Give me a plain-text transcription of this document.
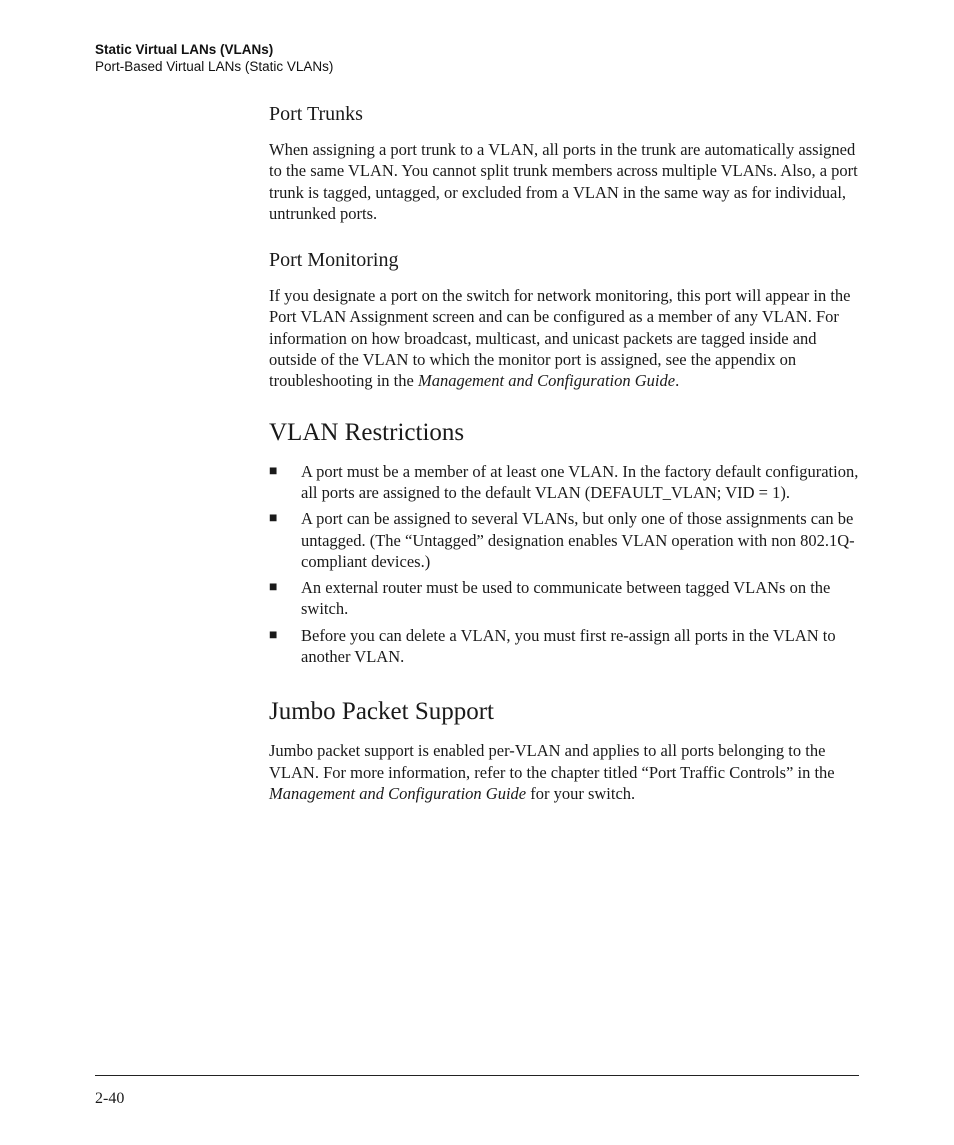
Static Virtual LANs (VLANs)
Port-Based Virtual LANs (Static VLANs)
Port Trunks

When assigning a port trunk to a VLAN, all ports in the trunk are automatically assigned to the same VLAN. You cannot split trunk members across multiple VLANs. Also, a port trunk is tagged, untagged, or excluded from a VLAN in the same way as for individual, untrunked ports.

Port Monitoring

If you designate a port on the switch for network monitoring, this port will appear in the Port VLAN Assignment screen and can be configured as a member of any VLAN. For information on how broadcast, multicast, and unicast packets are tagged inside and outside of the VLAN to which the monitor port is assigned, see the appendix on troubleshooting in the Management and Configuration Guide.

VLAN Restrictions
■ A port must be a member of at least one VLAN. In the factory default configuration, all ports are assigned to the default VLAN (DEFAULT_VLAN; VID = 1).
■ A port can be assigned to several VLANs, but only one of those assignments can be untagged. (The “Untagged” designation enables VLAN operation with non 802.1Q-compliant devices.)
■ An external router must be used to communicate between tagged VLANs on the switch.
■ Before you can delete a VLAN, you must first re-assign all ports in the VLAN to another VLAN.
Jumbo Packet Support

Jumbo packet support is enabled per-VLAN and applies to all ports belonging to the VLAN. For more information, refer to the chapter titled “Port Traffic Controls” in the Management and Configuration Guide for your switch.

2-40
